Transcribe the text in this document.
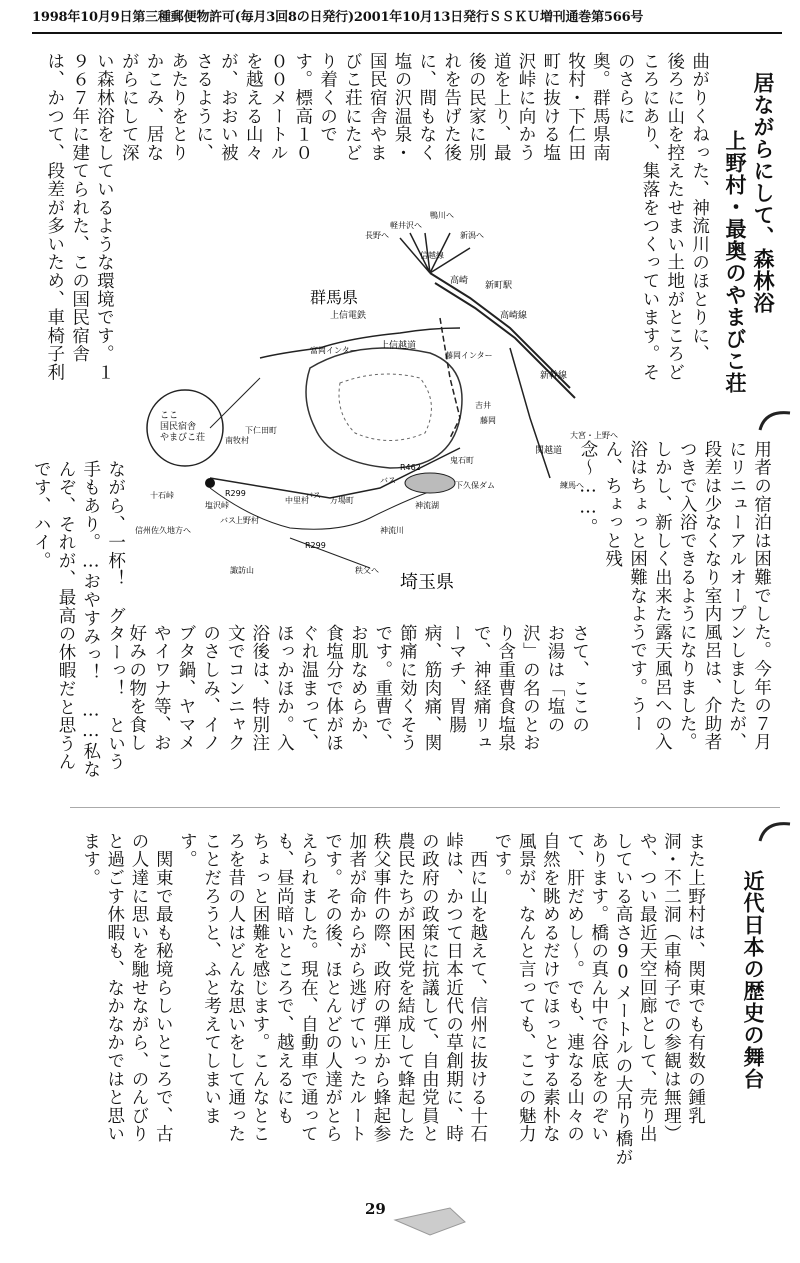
1998年10月9日第三種郵便物許可(毎月3回8の日発行)2001年10月13日発行ＳＳＫＵ増刊通巻第566号
居ながらにして、森林浴
上野村・最奥のやまびこ荘
曲がりくねった、神流川のほとりに、
後ろに山を控えたせまい土地がところど
ころにあり、集落をつくっています。そ
のさらに
奥。群馬県南
牧村・下仁田
町に抜ける塩
沢峠に向かう
道を上り、最
後の民家に別
れを告げた後
に、間もなく
塩の沢温泉・
国民宿舎やま
びこ荘にたど
り着くので
す。標高１０
００メートル
を越える山々
が、おおい被
さるように、
あたりをとり
かこみ、居な
がらにして深
い森林浴をしているような環境です。１
９６７年に建てられた、この国民宿舎
は、かつて、段差が多いため、車椅子利
用者の宿泊は困難でした。今年の７月
にリニューアルオープンしましたが、
段差は少なくなり室内風呂は、介助者
つきで入浴できるようになりました。
しかし、新しく出来た露天風呂への入
浴はちょっと困難なようです。うー
ん、ちょっと残
念〜……。
さて、ここの
お湯は「塩の
沢」の名のとお
り含重曹食塩泉
で、神経痛リュ
ーマチ、胃腸
病、筋肉痛、関
節痛に効くそう
です。重曹で、
お肌なめらか、
食塩分で体がほ
ぐれ温まって、
ほっかほか。入
浴後は、特別注
文でコンニャク
のさしみ、イノ
ブタ鍋、ヤマメ
やイワナ等、お
好みの物を食し
ながら、一杯！　グターっ！　という
手もあり。…おやすみっ！　……私な
んぞ、それが、最高の休暇だと思うん
です、ハイ。
群馬県
埼玉県
ここ国民宿舎やまびこ荘
高崎 新町駅
新幹線
高崎線
関越道
上信電鉄
上信越道
富岡インター
藤岡インター
鬼石町
下久保ダム
神流湖
上野村
万場町
中里村
南牧村
下仁田町
塩沢峠
十石峠
バス
バス
バス
R299
R299
R462
秩父へ
大宮・上野へ
新潟へ
信州佐久地方へ
諏訪山
長野へ
軽井沢へ
練馬へ
鴨川へ
神流川
吉井
藤岡
信越線
近代日本の歴史の舞台
また上野村は、関東でも有数の鍾乳
洞・不二洞（車椅子での参観は無理）
や、つい最近天空回廊として、売り出
している高さ90メートルの大吊り橋が
あります。橋の真ん中で谷底をのぞい
て、肝だめし〜。でも、連なる山々の
自然を眺めるだけでほっとする素朴な
風景が、なんと言っても、ここの魅力
です。
　西に山を越えて、信州に抜ける十石
峠は、かつて日本近代の草創期に、時
の政府の政策に抗議して、自由党員と
農民たちが困民党を結成して蜂起した
秩父事件の際、政府の弾圧から蜂起参
加者が命からがら逃げていったルート
です。その後、ほとんどの人達がとら
えられました。現在、自動車で通って
も、昼尚暗いところで、越えるにも
ちょっと困難を感じます。こんなとこ
ろを昔の人はどんな思いをして通った
ことだろうと、ふと考えてしまいま
す。
　関東で最も秘境らしいところで、古
の人達に思いを馳せながら、のんびり
と過ごす休暇も、なかなかではと思い
ます。
29
